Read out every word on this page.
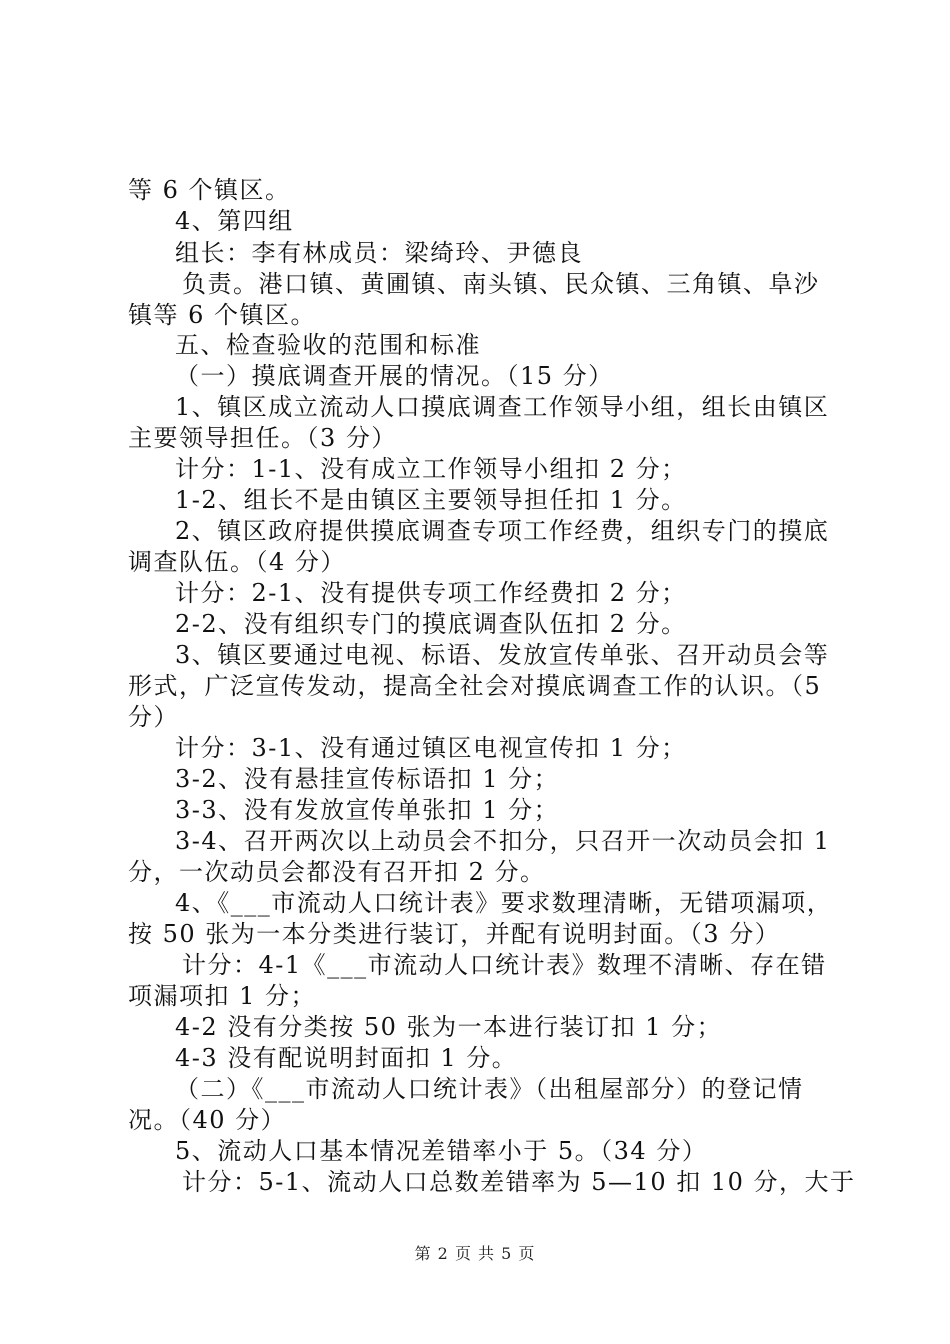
等 6 个镇区。
4、第四组
组长：李有林成员：梁绮玲、尹德良
负责。港口镇、黄圃镇、南头镇、民众镇、三角镇、阜沙
镇等 6 个镇区。
五、检查验收的范围和标准
（一）摸底调查开展的情况。（15 分）
1、镇区成立流动人口摸底调查工作领导小组，组长由镇区
主要领导担任。（3 分）
计分：1-1、没有成立工作领导小组扣 2 分；
1-2、组长不是由镇区主要领导担任扣 1 分。
2、镇区政府提供摸底调查专项工作经费，组织专门的摸底
调查队伍。（4 分）
计分：2-1、没有提供专项工作经费扣 2 分；
2-2、没有组织专门的摸底调查队伍扣 2 分。
3、镇区要通过电视、标语、发放宣传单张、召开动员会等
形式，广泛宣传发动，提高全社会对摸底调查工作的认识。（5
分）
计分：3-1、没有通过镇区电视宣传扣 1 分；
3-2、没有悬挂宣传标语扣 1 分；
3-3、没有发放宣传单张扣 1 分；
3-4、召开两次以上动员会不扣分，只召开一次动员会扣 1
分，一次动员会都没有召开扣 2 分。
4、《___市流动人口统计表》要求数理清晰，无错项漏项，
按 50 张为一本分类进行装订，并配有说明封面。（3 分）
计分：4-1《___市流动人口统计表》数理不清晰、存在错
项漏项扣 1 分；
4-2 没有分类按 50 张为一本进行装订扣 1 分；
4-3 没有配说明封面扣 1 分。
（二）《___市流动人口统计表》（出租屋部分）的登记情
况。（40 分）
5、流动人口基本情况差错率小于 5。（34 分）
计分：5-1、流动人口总数差错率为 5—10 扣 10 分，大于
第 2 页 共 5 页
